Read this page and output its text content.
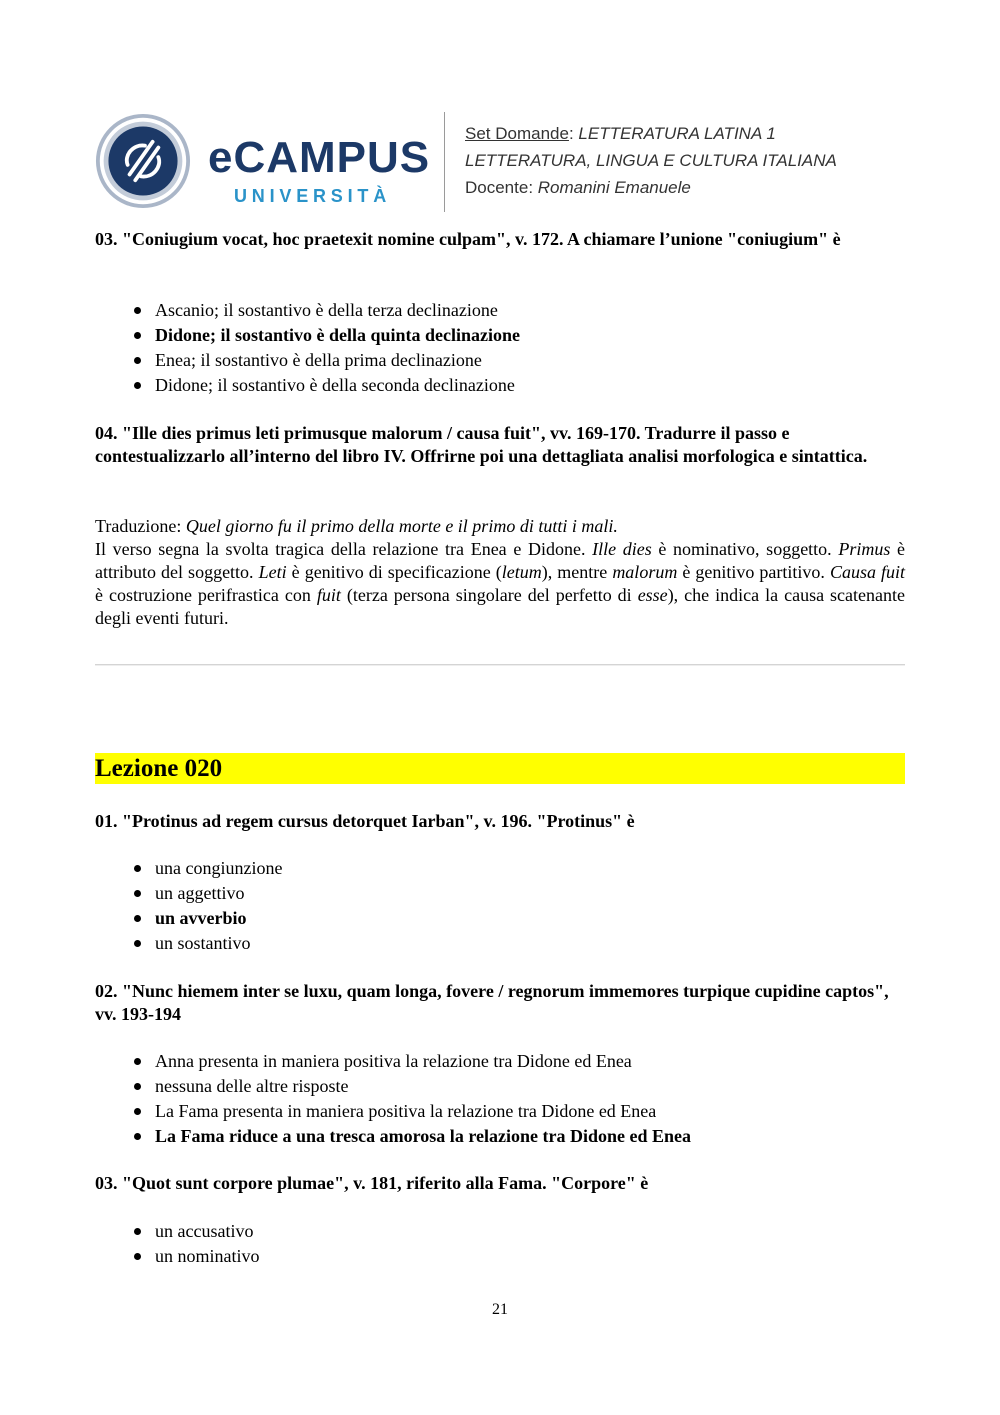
eCAMPUS
UNIVERSITÀ
Set Domande: LETTERATURA LATINA 1
LETTERATURA, LINGUA E CULTURA ITALIANA
Docente: Romanini Emanuele
03. "Coniugium vocat, hoc praetexit nomine culpam", v. 172. A chiamare l’unione "coniugium" è
Ascanio; il sostantivo è della terza declinazione
Didone; il sostantivo è della quinta declinazione
Enea; il sostantivo è della prima declinazione
Didone; il sostantivo è della seconda declinazione
04. "Ille dies primus leti primusque malorum / causa fuit", vv. 169-170. Tradurre il passo e contestualizzarlo all’interno del libro IV. Offrirne poi una dettagliata analisi morfologica e sintattica.
Traduzione: Quel giorno fu il primo della morte e il primo di tutti i mali.
Il verso segna la svolta tragica della relazione tra Enea e Didone. Ille dies è nominativo, soggetto. Primus è attributo del soggetto. Leti è genitivo di specificazione (letum), mentre malorum è genitivo partitivo. Causa fuit è costruzione perifrastica con fuit (terza persona singolare del perfetto di esse), che indica la causa scatenante degli eventi futuri.
Lezione 020
01. "Protinus ad regem cursus detorquet Iarban", v. 196. "Protinus" è
una congiunzione
un aggettivo
un avverbio
un sostantivo
02. "Nunc hiemem inter se luxu, quam longa, fovere / regnorum immemores turpique cupidine captos", vv. 193-194
Anna presenta in maniera positiva la relazione tra Didone ed Enea
nessuna delle altre risposte
La Fama presenta in maniera positiva la relazione tra Didone ed Enea
La Fama riduce a una tresca amorosa la relazione tra Didone ed Enea
03. "Quot sunt corpore plumae", v. 181, riferito alla Fama. "Corpore" è
un accusativo
un nominativo
21
